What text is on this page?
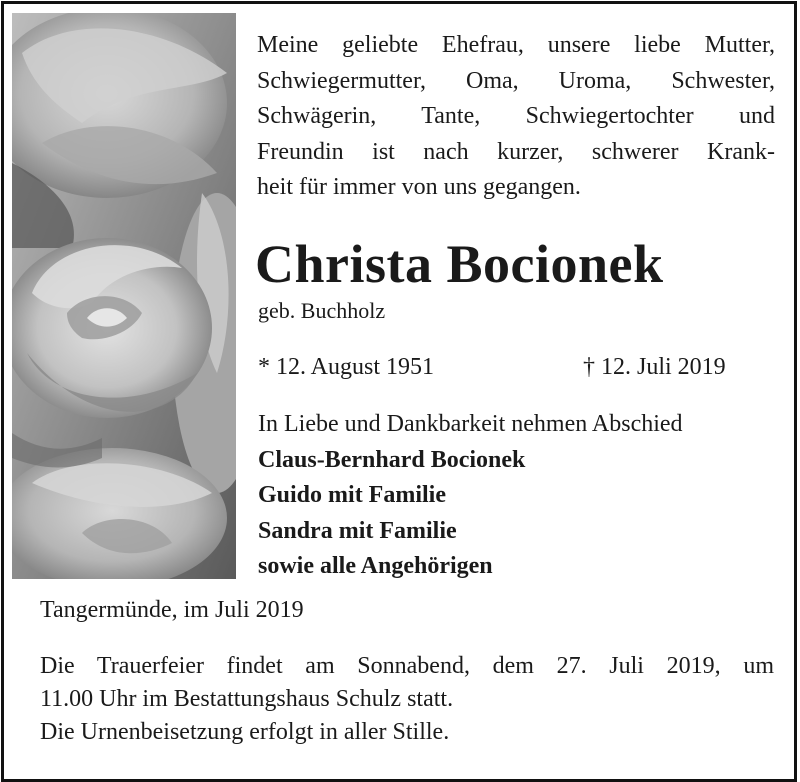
Meine geliebte Ehefrau, unsere liebe Mutter,
Schwiegermutter, Oma, Uroma, Schwester,
Schwägerin, Tante, Schwiegertochter und
Freundin ist nach kurzer, schwerer Krank-
heit für immer von uns gegangen.
Christa Bocionek
geb. Buchholz
* 12. August 1951	† 12. Juli 2019
In Liebe und Dankbarkeit nehmen Abschied
Claus-Bernhard Bocionek
Guido mit Familie
Sandra mit Familie
sowie alle Angehörigen
Tangermünde, im Juli 2019
Die Trauerfeier findet am Sonnabend, dem 27. Juli 2019, um
11.00 Uhr im Bestattungshaus Schulz statt.
Die Urnenbeisetzung erfolgt in aller Stille.
